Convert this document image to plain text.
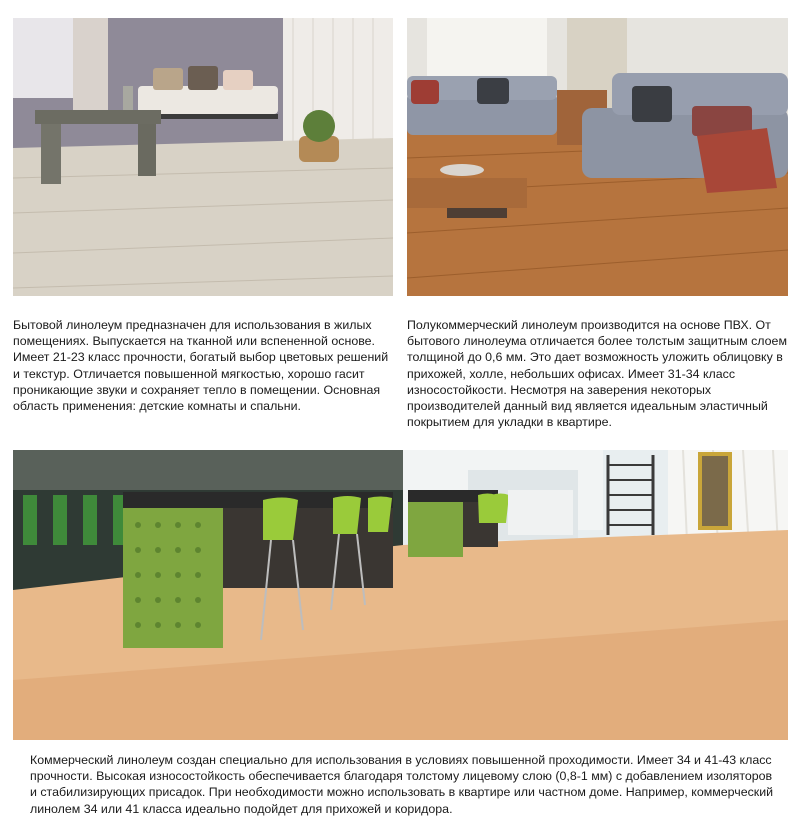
Бытовой линолеум предназначен для использования в жилых помещениях. Выпускается на тканной или вспененной основе. Имеет 21-23 класс прочности, богатый выбор цветовых решений и текстур. Отличается повышенной мягкостью, хорошо гасит проникающие звуки и сохраняет тепло в помещении. Основная область применения: детские комнаты и спальни.

Полукоммерческий линолеум производится на основе ПВХ. От бытового линолеума отличается более толстым защитным слоем толщиной до 0,6 мм. Это дает возможность уложить облицовку в прихожей, холле, небольших офисах. Имеет 31-34 класс износостойкости. Несмотря на заверения некоторых производителей данный вид является идеальным эластичный покрытием для укладки в квартире.

Коммерческий линолеум создан специально для использования в условиях повышенной проходимости. Имеет 34 и 41-43 класс прочности. Высокая износостойкость обеспечивается благодаря толстому лицевому слою (0,8-1 мм) с добавлением изоляторов и стабилизирующих присадок. При необходимости можно использовать в квартире или частном доме. Например, коммерческий линолем 34 или 41 класса идеально подойдет для прихожей и коридора.
